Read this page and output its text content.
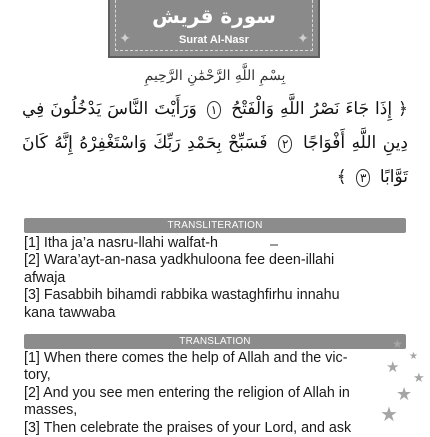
✦	✦
سورة قريش
Surat Al-Nasr
بِسْمِ اللَّهِ الرَّحْمَٰنِ الرَّحِيمِ
﴿ إِذَا جَاءَ نَصْرُ اللَّهِ وَالْفَتْحُ ١ وَرَأَيْتَ النَّاسَ يَدْخُلُونَ فِي دِينِ اللَّهِ أَفْوَاجًا ٢ فَسَبِّحْ بِحَمْدِ رَبِّكَ وَاسْتَغْفِرْهُ إِنَّهُ كَانَ تَوَّابًا ٣ ﴾
TRANSLITERATION
[1] Itha ja’a nasru-llahi walfat-h
[2] Wara’ayt-an-nasa yadkhuloona fee deen-illahi
afwaja
[3] Fasabbih bihamdi rabbika wastaghfirhu innahu
kana tawwaba
TRANSLATION
[1] When there comes the help of Allah and the vic-
tory,
[2] And you see men entering the religion of Allah in
masses,
[3] Then celebrate the praises of your Lord, and ask
★
★
★
★
★
★
